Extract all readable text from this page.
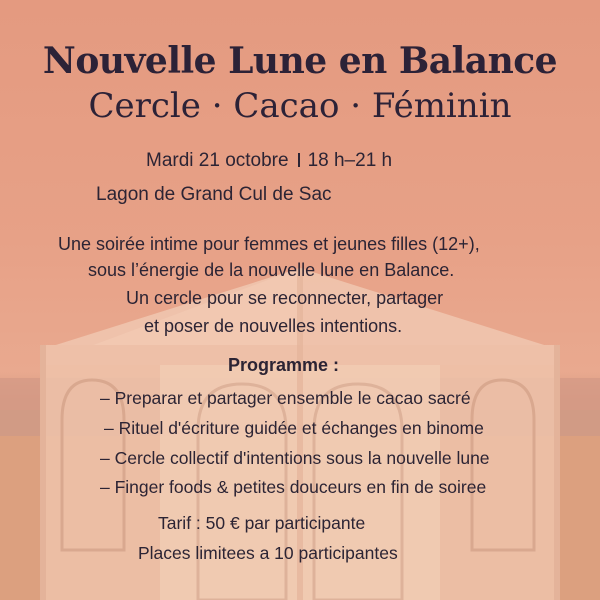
Nouvelle Lune en Balance
Cercle · Cacao · Féminin
Mardi 21 octobre 18 h–21 h
Lagon de Grand Cul de Sac
Une soirée intime pour femmes et jeunes filles (12+),
sous l’énergie de la nouvelle lune en Balance.
Un cercle pour se reconnecter, partager
et poser de nouvelles intentions.
Programme :
– Preparar et partager ensemble le cacao sacré
– Rituel d'écriture guidée et échanges en binome
– Cercle collectif d'intentions sous la nouvelle lune
– Finger foods & petites douceurs en fin de soiree
Tarif : 50 € par participante
Places limitees a 10 participantes
